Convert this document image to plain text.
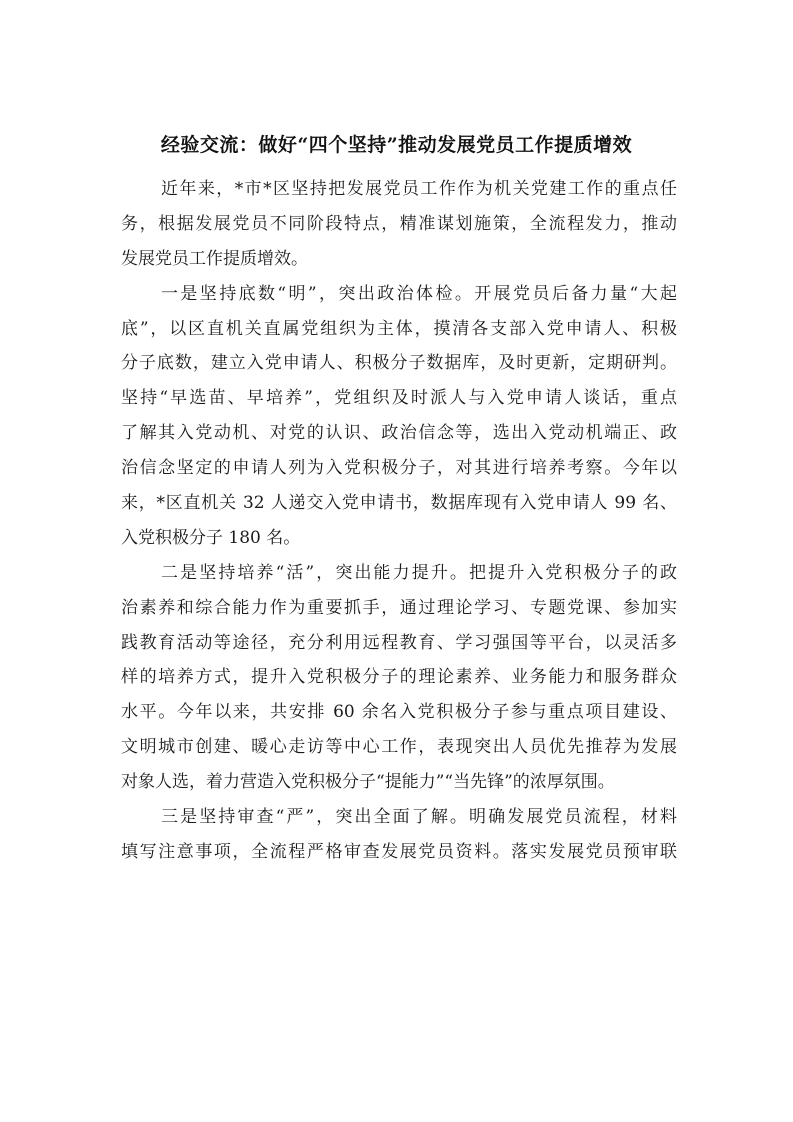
经验交流：做好“四个坚持”推动发展党员工作提质增效
近年来，*市*区坚持把发展党员工作作为机关党建工作的重点任
务，根据发展党员不同阶段特点，精准谋划施策，全流程发力，推动
发展党员工作提质增效。
一是坚持底数“明”，突出政治体检。开展党员后备力量“大起
底”，以区直机关直属党组织为主体，摸清各支部入党申请人、积极
分子底数，建立入党申请人、积极分子数据库，及时更新，定期研判。
坚持“早选苗、早培养”，党组织及时派人与入党申请人谈话，重点
了解其入党动机、对党的认识、政治信念等，选出入党动机端正、政
治信念坚定的申请人列为入党积极分子，对其进行培养考察。今年以
来，*区直机关 32 人递交入党申请书，数据库现有入党申请人 99 名、
入党积极分子 180 名。
二是坚持培养“活”，突出能力提升。把提升入党积极分子的政
治素养和综合能力作为重要抓手，通过理论学习、专题党课、参加实
践教育活动等途径，充分利用远程教育、学习强国等平台，以灵活多
样的培养方式，提升入党积极分子的理论素养、业务能力和服务群众
水平。今年以来，共安排 60 余名入党积极分子参与重点项目建设、
文明城市创建、暖心走访等中心工作，表现突出人员优先推荐为发展
对象人选，着力营造入党积极分子“提能力”“当先锋”的浓厚氛围。
三是坚持审查“严”，突出全面了解。明确发展党员流程，材料
填写注意事项，全流程严格审查发展党员资料。落实发展党员预审联
